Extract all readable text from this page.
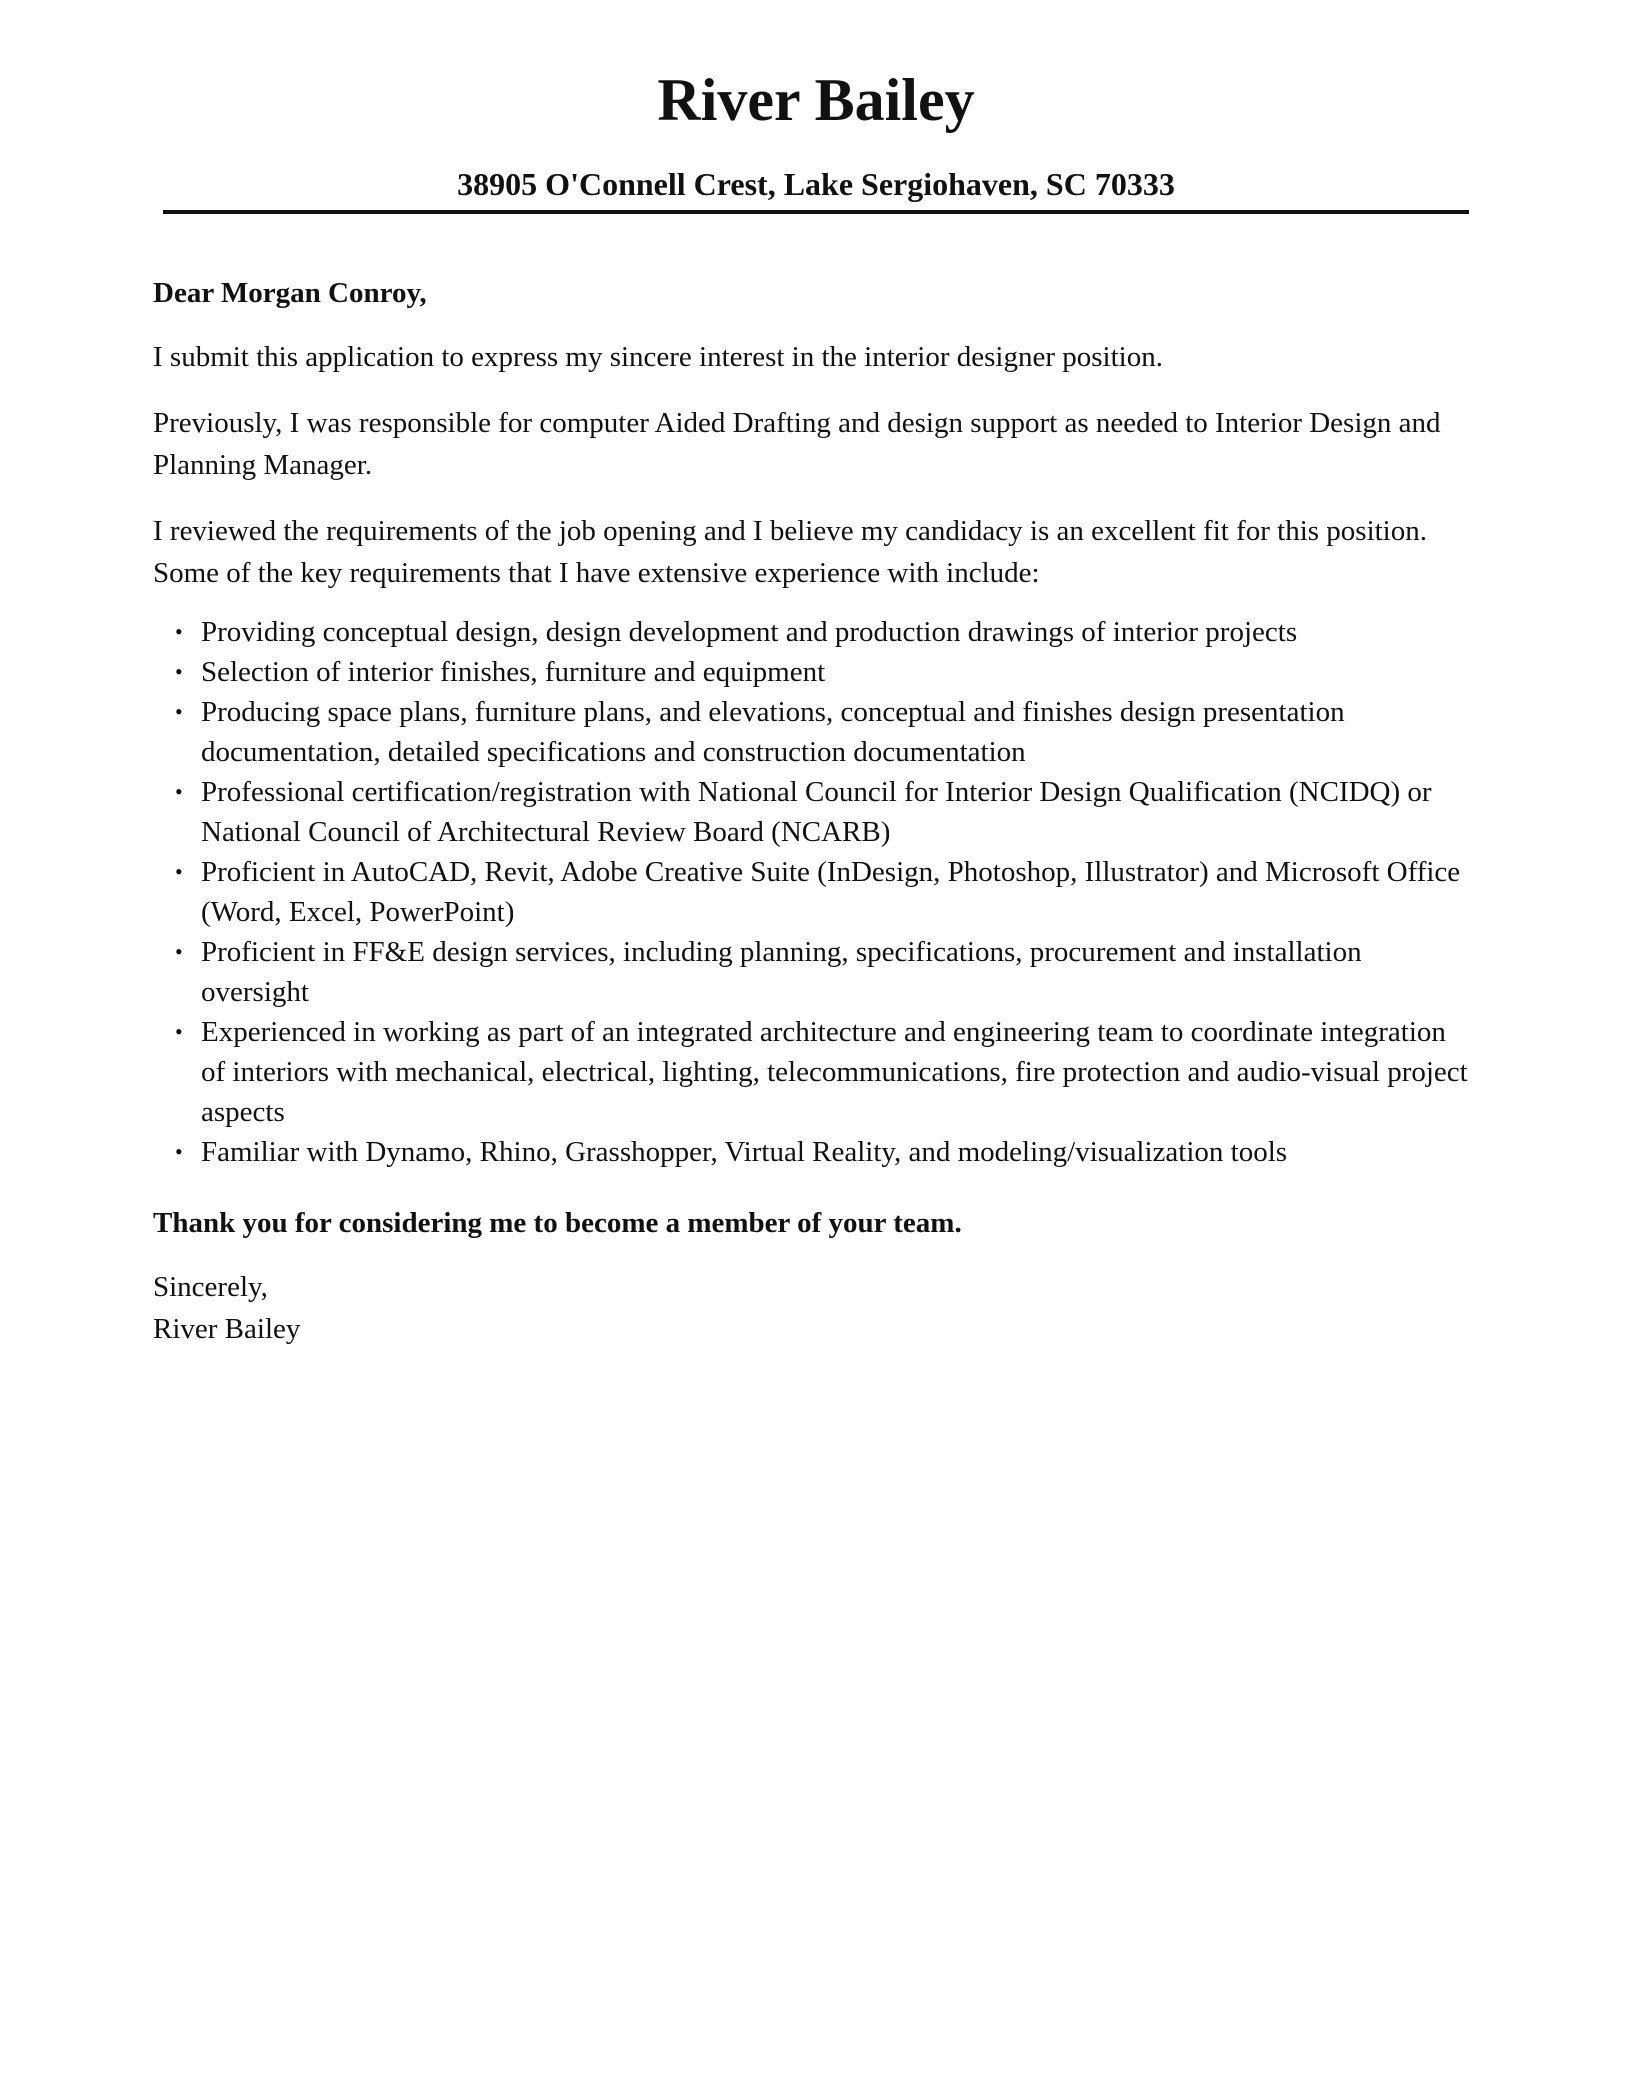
River Bailey
38905 O'Connell Crest, Lake Sergiohaven, SC 70333

Dear Morgan Conroy,

I submit this application to express my sincere interest in the interior designer position.

Previously, I was responsible for computer Aided Drafting and design support as needed to Interior Design and Planning Manager.

I reviewed the requirements of the job opening and I believe my candidacy is an excellent fit for this position. Some of the key requirements that I have extensive experience with include:

• Providing conceptual design, design development and production drawings of interior projects
• Selection of interior finishes, furniture and equipment
• Producing space plans, furniture plans, and elevations, conceptual and finishes design presentation documentation, detailed specifications and construction documentation
• Professional certification/registration with National Council for Interior Design Qualification (NCIDQ) or National Council of Architectural Review Board (NCARB)
• Proficient in AutoCAD, Revit, Adobe Creative Suite (InDesign, Photoshop, Illustrator) and Microsoft Office (Word, Excel, PowerPoint)
• Proficient in FF&E design services, including planning, specifications, procurement and installation oversight
• Experienced in working as part of an integrated architecture and engineering team to coordinate integration of interiors with mechanical, electrical, lighting, telecommunications, fire protection and audio-visual project aspects
• Familiar with Dynamo, Rhino, Grasshopper, Virtual Reality, and modeling/visualization tools

Thank you for considering me to become a member of your team.

Sincerely,

River Bailey
